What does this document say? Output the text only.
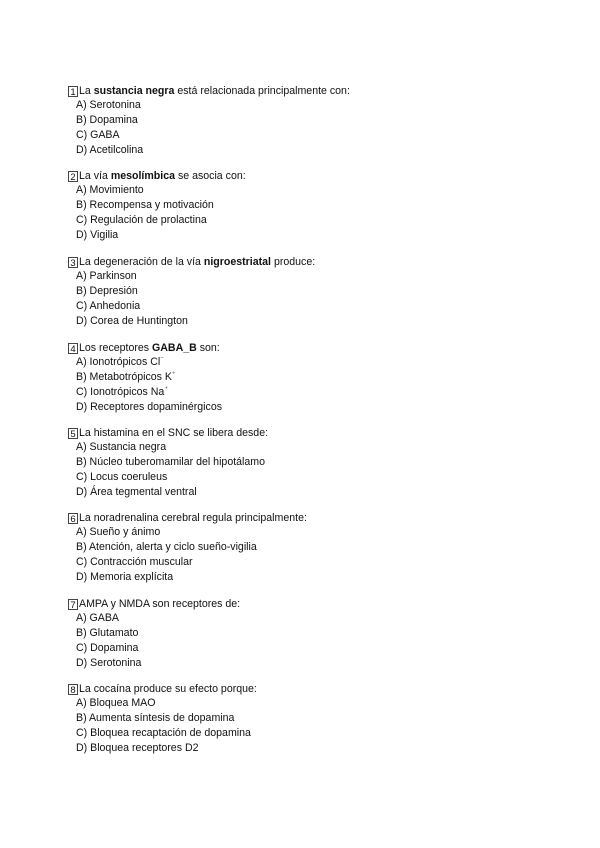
1 La sustancia negra está relacionada principalmente con:
A) Serotonina
B) Dopamina
C) GABA
D) Acetilcolina
2 La vía mesolímbica se asocia con:
A) Movimiento
B) Recompensa y motivación
C) Regulación de prolactina
D) Vigilia
3 La degeneración de la vía nigroestriatal produce:
A) Parkinson
B) Depresión
C) Anhedonia
D) Corea de Huntington
4 Los receptores GABA_B son:
A) Ionotrópicos Cl⁻
B) Metabotrópicos K⁺
C) Ionotrópicos Na⁺
D) Receptores dopaminérgicos
5 La histamina en el SNC se libera desde:
A) Sustancia negra
B) Núcleo tuberomamilar del hipotálamo
C) Locus coeruleus
D) Área tegmental ventral
6 La noradrenalina cerebral regula principalmente:
A) Sueño y ánimo
B) Atención, alerta y ciclo sueño-vigilia
C) Contracción muscular
D) Memoria explícita
7 AMPA y NMDA son receptores de:
A) GABA
B) Glutamato
C) Dopamina
D) Serotonina
8 La cocaína produce su efecto porque:
A) Bloquea MAO
B) Aumenta síntesis de dopamina
C) Bloquea recaptación de dopamina
D) Bloquea receptores D2
